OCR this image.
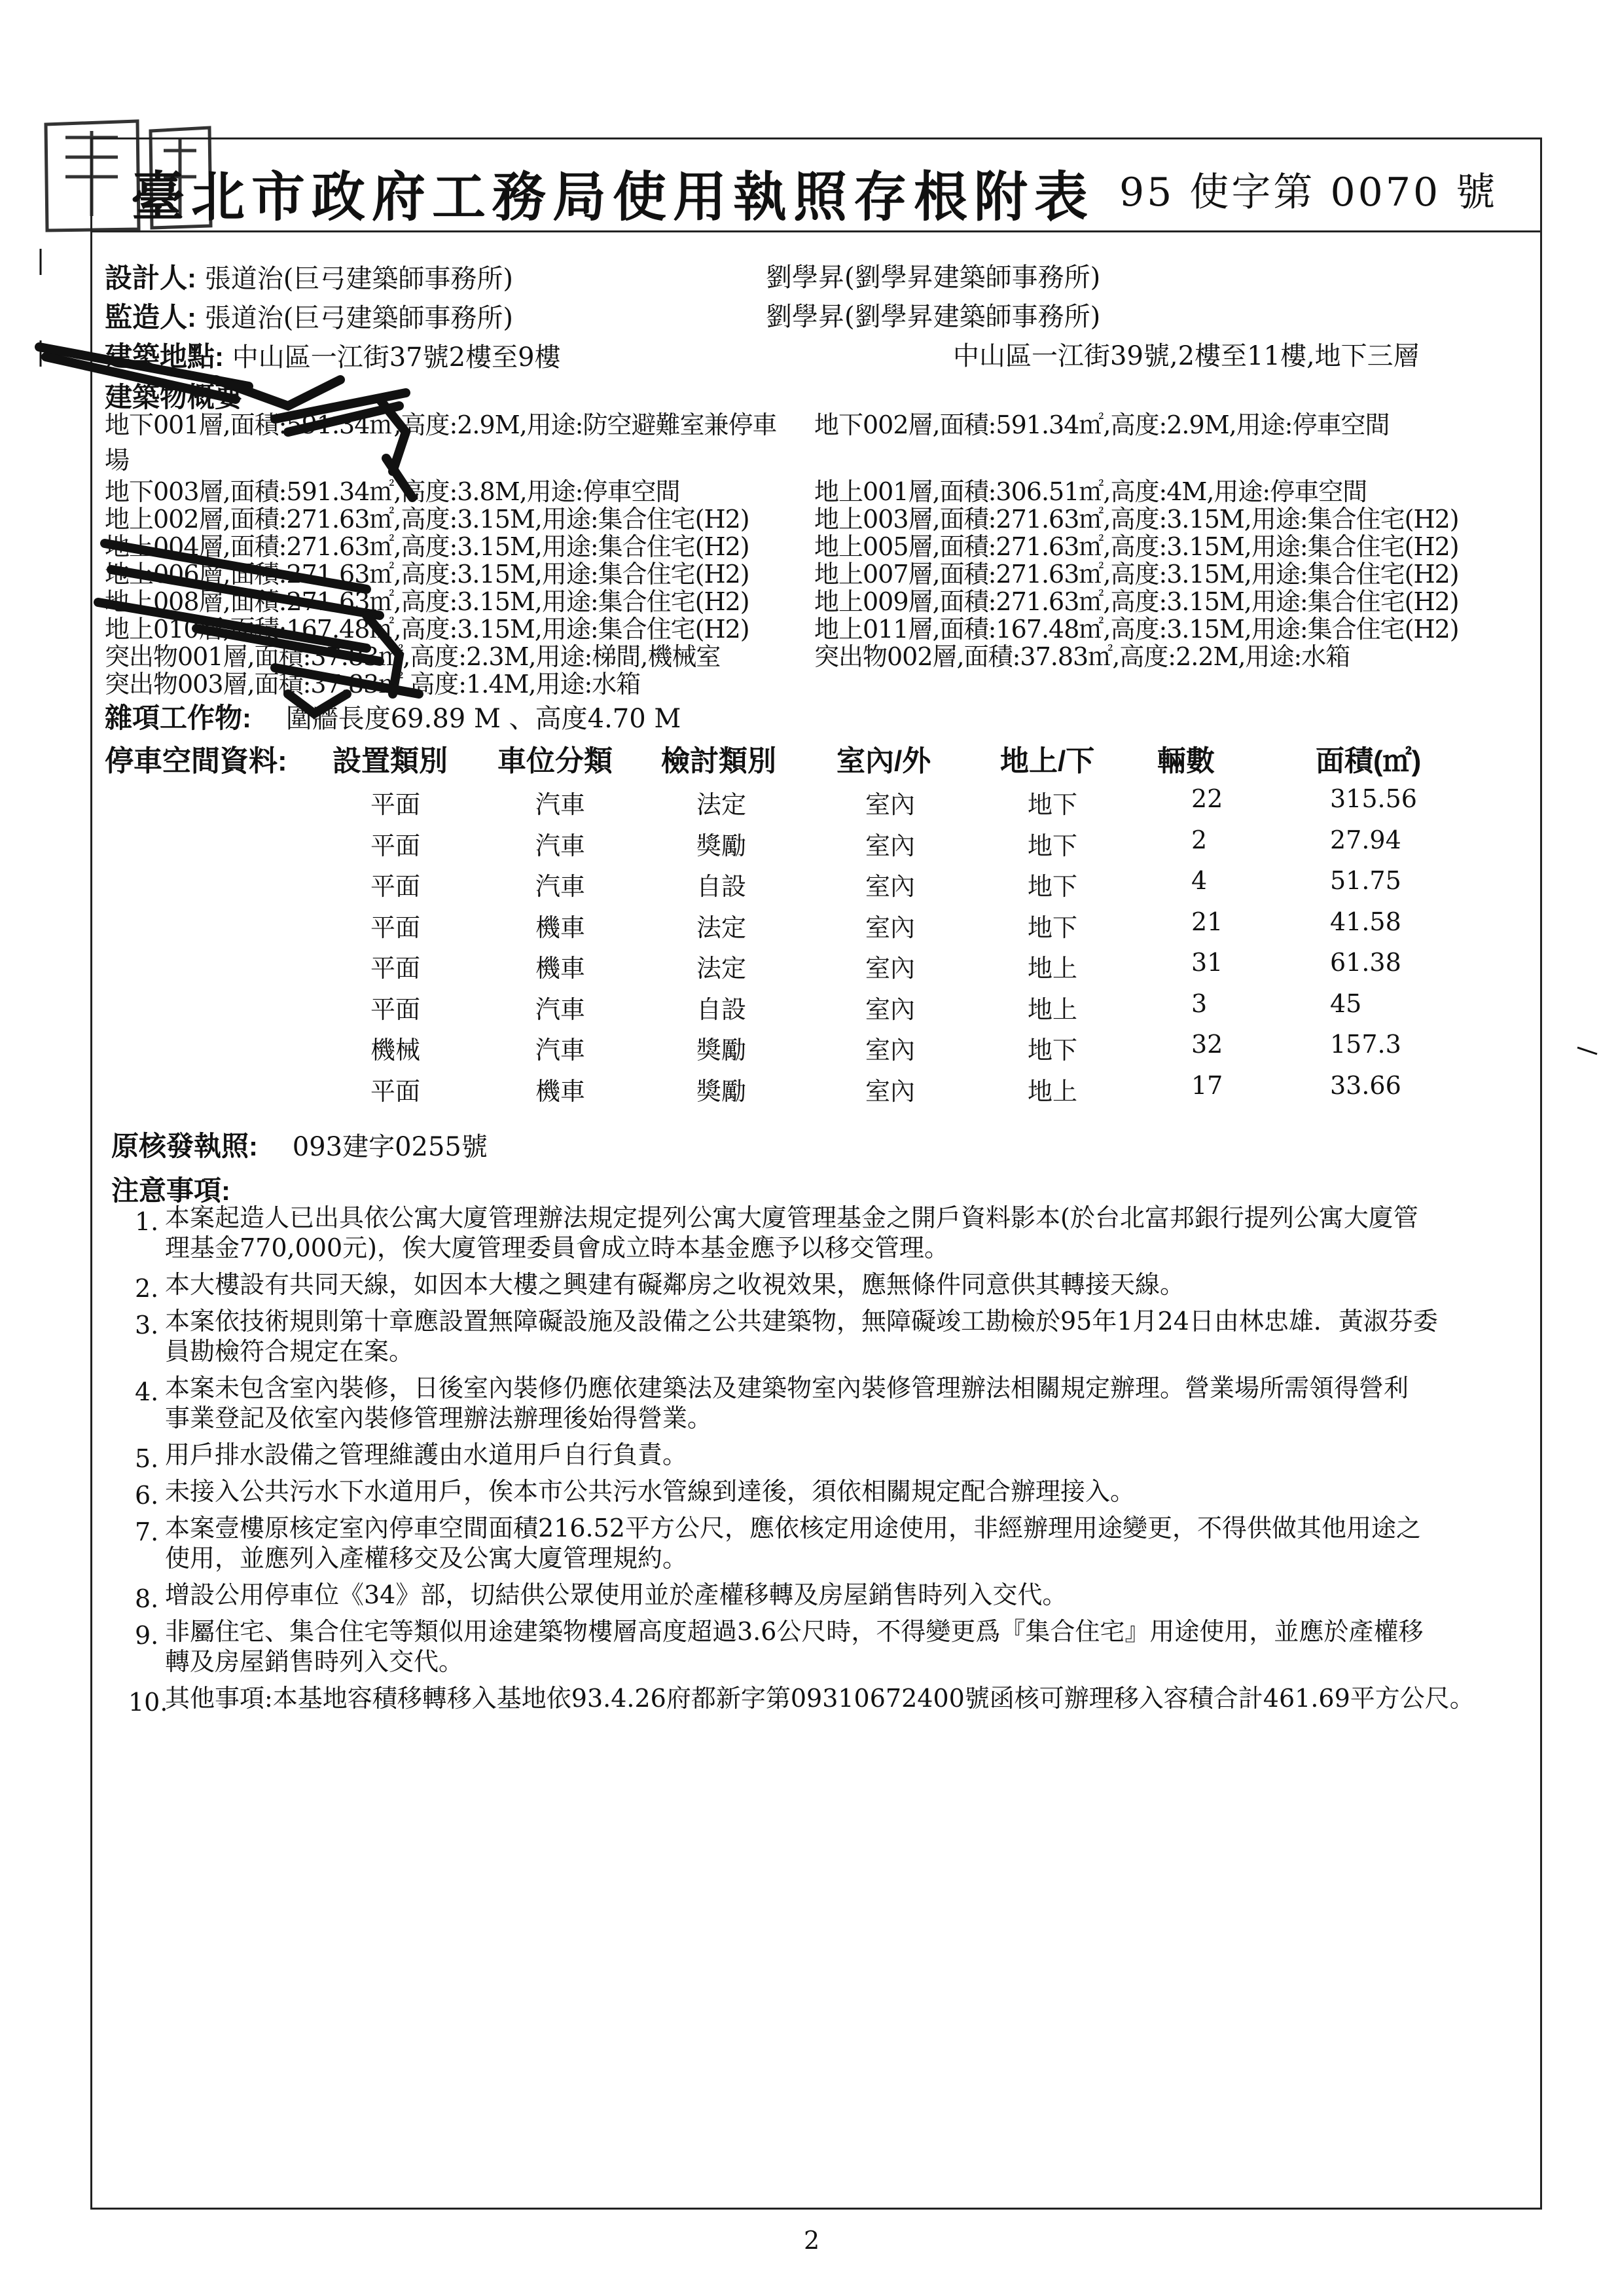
臺北市政府工務局使用執照存根附表 95 使字第 0070 號
設計人: 張道治(巨弓建築師事務所)	劉學昇(劉學昇建築師事務所)
監造人: 張道治(巨弓建築師事務所)	劉學昇(劉學昇建築師事務所)
建築地點: 中山區一江街37號2樓至9樓	中山區一江街39號,2樓至11樓,地下三層
建築物概要
地下001層,面積:591.34㎡,高度:2.9M,用途:防空避難室兼停車
場
地下003層,面積:591.34㎡,高度:3.8M,用途:停車空間
地上002層,面積:271.63㎡,高度:3.15M,用途:集合住宅(H2)
地上004層,面積:271.63㎡,高度:3.15M,用途:集合住宅(H2)
地上006層,面積:271.63㎡,高度:3.15M,用途:集合住宅(H2)
地上008層,面積:271.63㎡,高度:3.15M,用途:集合住宅(H2)
地上010層,面積:167.48㎡,高度:3.15M,用途:集合住宅(H2)
突出物001層,面積:37.83㎡,高度:2.3M,用途:梯間,機械室
突出物003層,面積:37.83㎡,高度:1.4M,用途:水箱
地下002層,面積:591.34㎡,高度:2.9M,用途:停車空間
地上001層,面積:306.51㎡,高度:4M,用途:停車空間
地上003層,面積:271.63㎡,高度:3.15M,用途:集合住宅(H2)
地上005層,面積:271.63㎡,高度:3.15M,用途:集合住宅(H2)
地上007層,面積:271.63㎡,高度:3.15M,用途:集合住宅(H2)
地上009層,面積:271.63㎡,高度:3.15M,用途:集合住宅(H2)
地上011層,面積:167.48㎡,高度:3.15M,用途:集合住宅(H2)
突出物002層,面積:37.83㎡,高度:2.2M,用途:水箱
雜項工作物: 圍牆長度69.89 M 、高度4.70 M
停車空間資料: 設置類別 車位分類 檢討類別 室內/外 地上/下 輛數	面積(㎡)
平面	汽車	法定	室內	地下	22	315.56
平面	汽車	獎勵	室內	地下	2	27.94
平面	汽車	自設	室內	地下	4	51.75
平面	機車	法定	室內	地下	21	41.58
平面	機車	法定	室內	地上	31	61.38
平面	汽車	自設	室內	地上	3	45
機械	汽車	獎勵	室內	地下	32	157.3
平面	機車	獎勵	室內	地上	17	33.66
原核發執照: 093建字0255號
注意事項:
1. 本案起造人已出具依公寓大廈管理辦法規定提列公寓大廈管理基金之開戶資料影本(於台北富邦銀行提列公寓大廈管
理基金770,000元)，俟大廈管理委員會成立時本基金應予以移交管理。
2. 本大樓設有共同天線，如因本大樓之興建有礙鄰房之收視效果，應無條件同意供其轉接天線。
3. 本案依技術規則第十章應設置無障礙設施及設備之公共建築物，無障礙竣工勘檢於95年1月24日由林忠雄．黃淑芬委
員勘檢符合規定在案。
4. 本案未包含室內裝修，日後室內裝修仍應依建築法及建築物室內裝修管理辦法相關規定辦理。營業場所需領得營利
事業登記及依室內裝修管理辦法辦理後始得營業。
5. 用戶排水設備之管理維護由水道用戶自行負責。
6. 未接入公共污水下水道用戶，俟本市公共污水管線到達後，須依相關規定配合辦理接入。
7. 本案壹樓原核定室內停車空間面積216.52平方公尺，應依核定用途使用，非經辦理用途變更，不得供做其他用途之
使用，並應列入產權移交及公寓大廈管理規約。
8. 增設公用停車位《34》部，切結供公眾使用並於產權移轉及房屋銷售時列入交代。
9. 非屬住宅、集合住宅等類似用途建築物樓層高度超過3.6公尺時，不得變更爲『集合住宅』用途使用，並應於產權移
轉及房屋銷售時列入交代。
10.
其他事項:本基地容積移轉移入基地依93.4.26府都新字第09310672400號函核可辦理移入容積合計461.69平方公尺。
2
